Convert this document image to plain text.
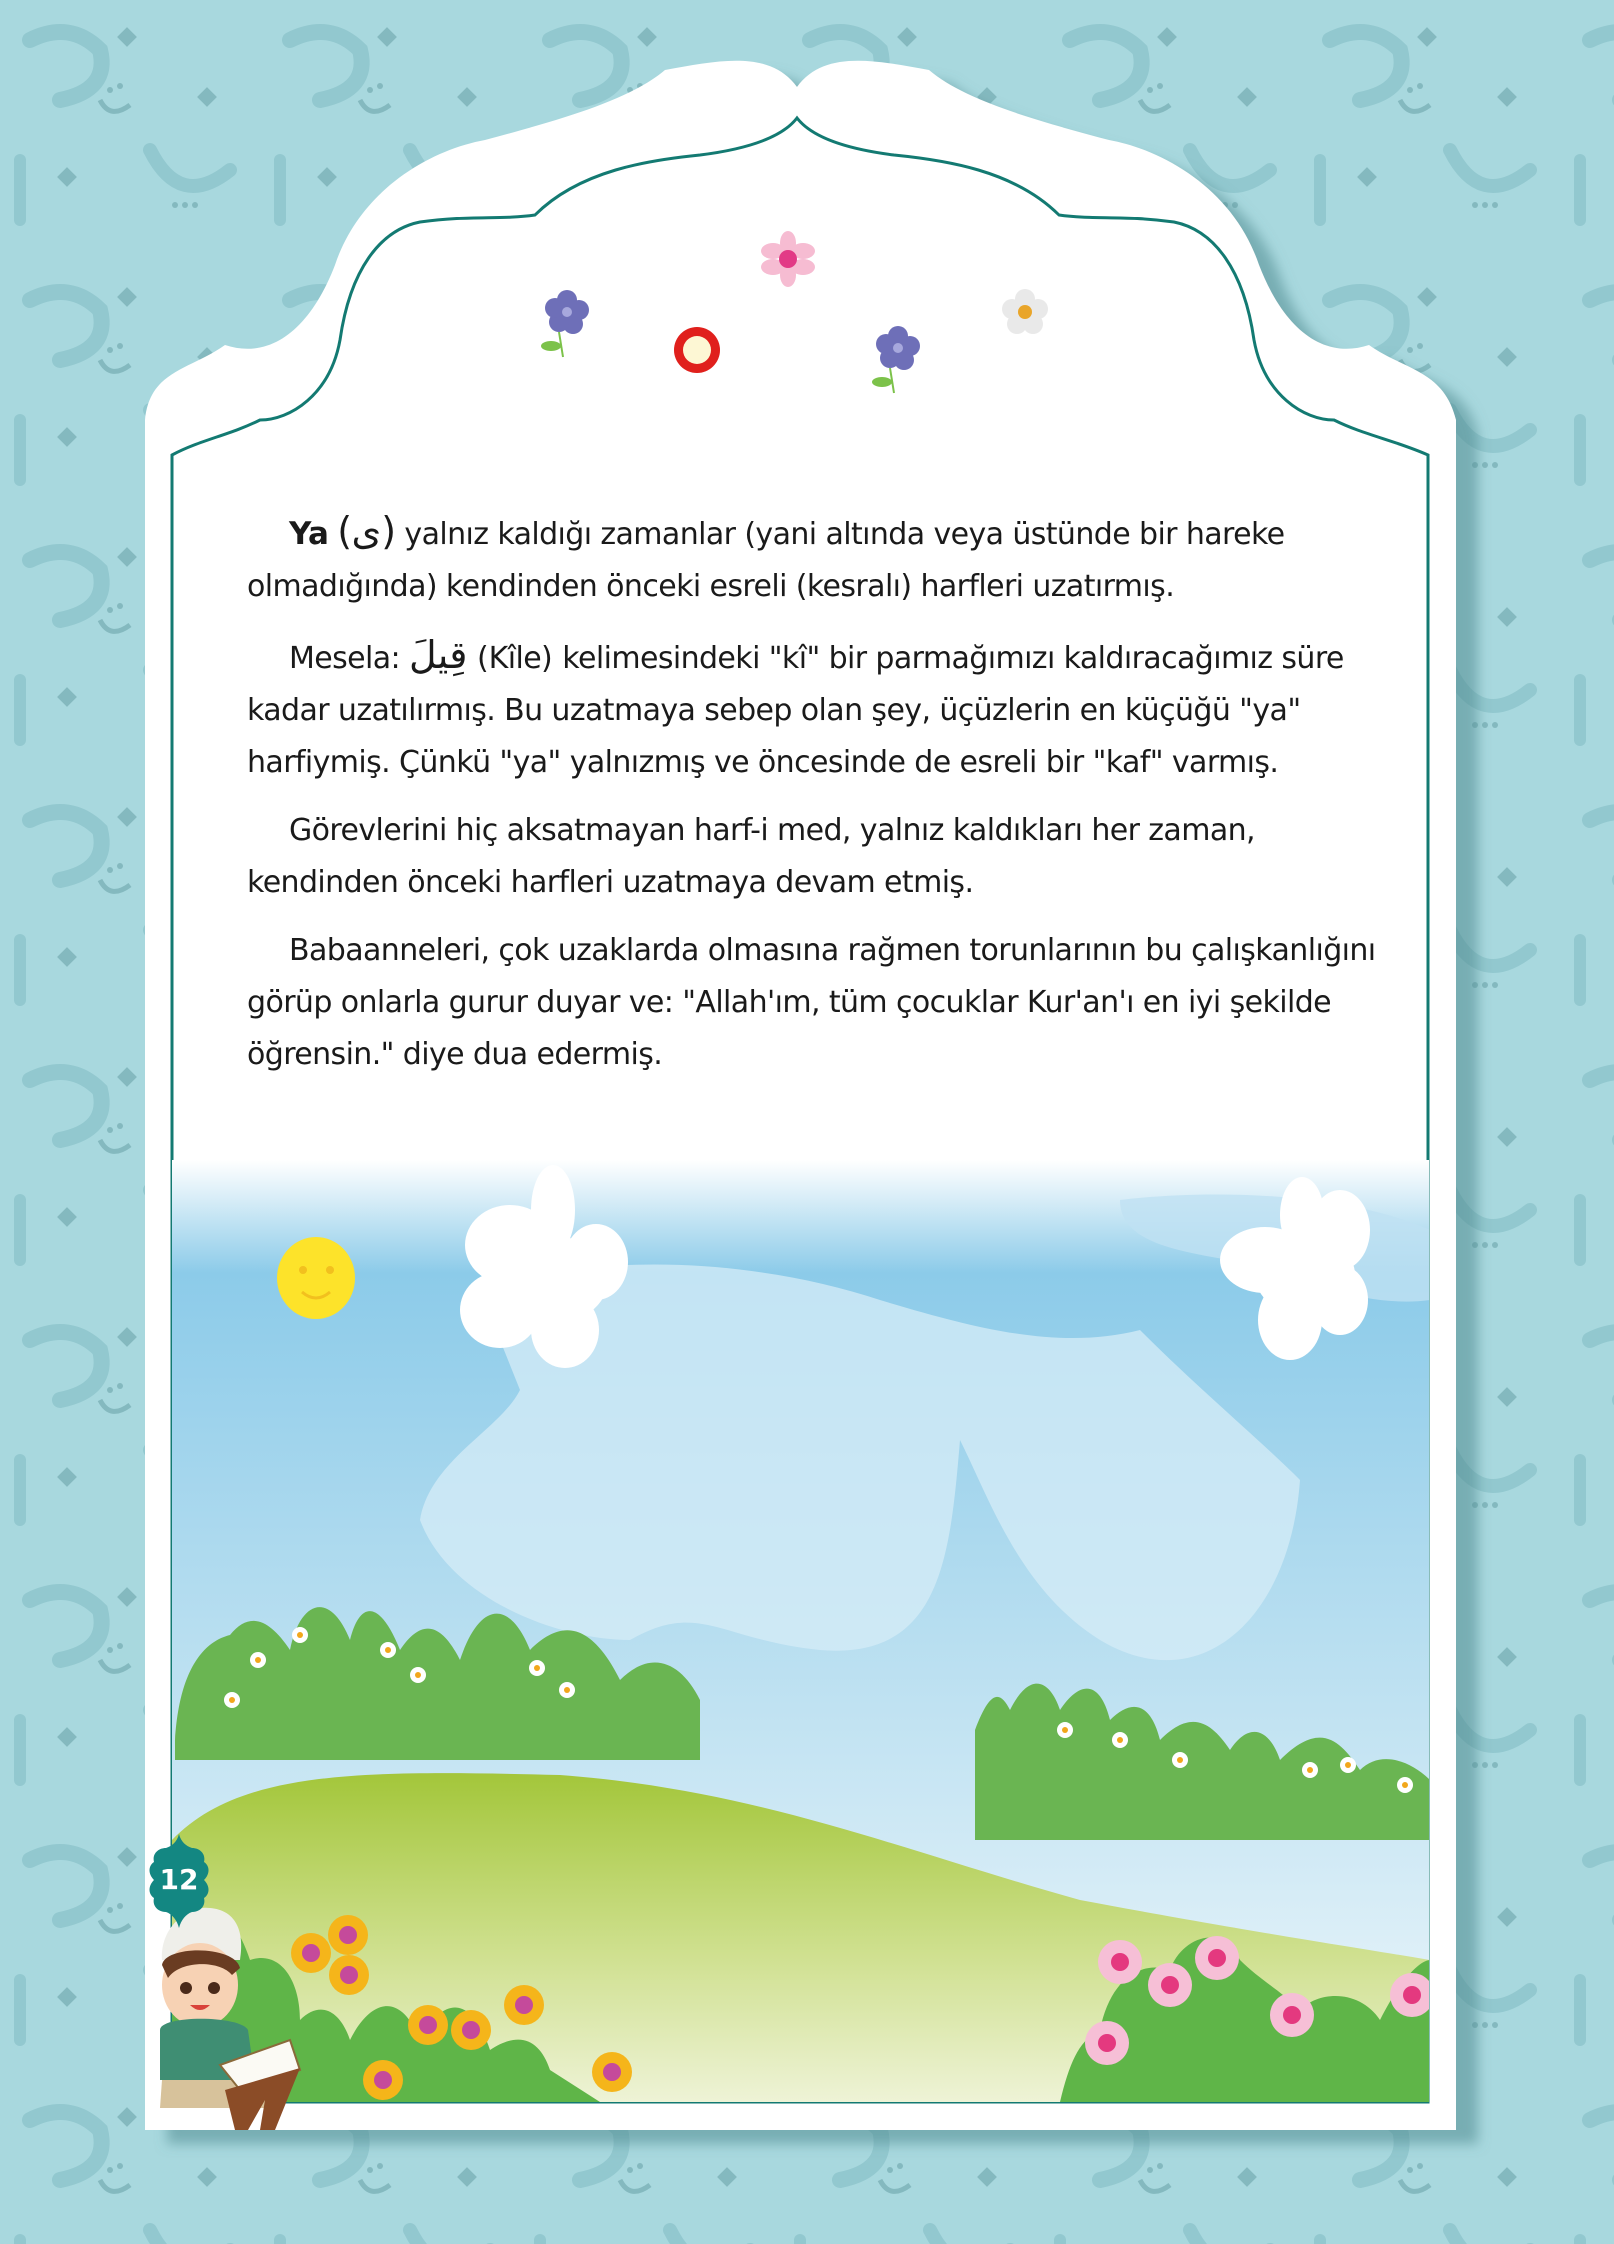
12

Ya (ى) yalnız kaldığı zamanlar (yani altında veya üstünde bir hareke olmadığında) kendinden önceki esreli (kesralı) harfleri uzatırmış.

Mesela: قِيلَ (Kîle) kelimesindeki "kî" bir parmağımızı kaldıracağımız süre kadar uzatılırmış. Bu uzatmaya sebep olan şey, üçüzlerin en küçüğü "ya" harfiymiş. Çünkü "ya" yalnızmış ve öncesinde de esreli bir "kaf" varmış.

Görevlerini hiç aksatmayan harf-i med, yalnız kaldıkları her zaman, kendinden önceki harfleri uzatmaya devam etmiş.

Babaanneleri, çok uzaklarda olmasına rağmen torunlarının bu çalışkanlığını görüp onlarla gurur duyar ve: "Allah'ım, tüm çocuklar Kur'an'ı en iyi şekilde öğrensin." diye dua edermiş.
